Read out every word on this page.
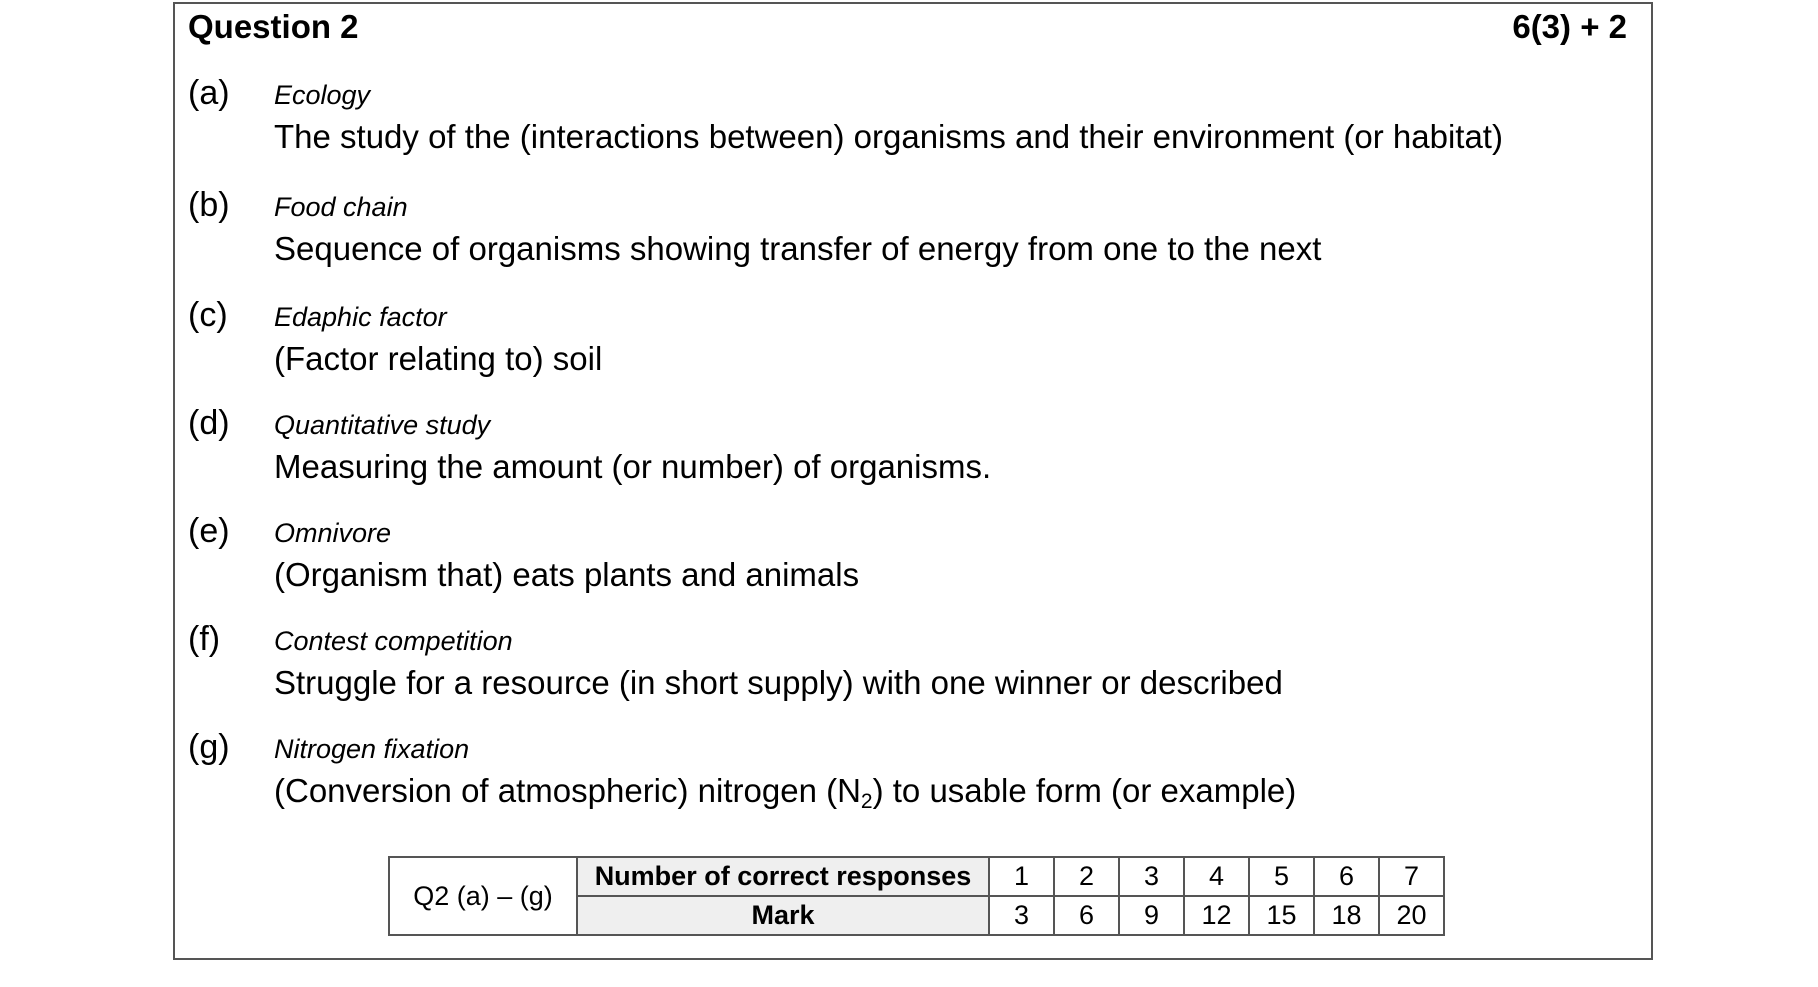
Question 2	6(3) + 2
(a) Ecology
The study of the (interactions between) organisms and their environment (or habitat)
(b) Food chain
Sequence of organisms showing transfer of energy from one to the next
(c) Edaphic factor
(Factor relating to) soil
(d) Quantitative study
Measuring the amount (or number) of organisms.
(e) Omnivore
(Organism that) eats plants and animals
(f) Contest competition
Struggle for a resource (in short supply) with one winner or described
(g) Nitrogen fixation
(Conversion of atmospheric) nitrogen $(N_2)$ to usable form (or example)
Q2 (a) – (g)	Number of correct responses	1	2	3	4	5	6	7
	Mark	3	6	9	12	15	18	20
